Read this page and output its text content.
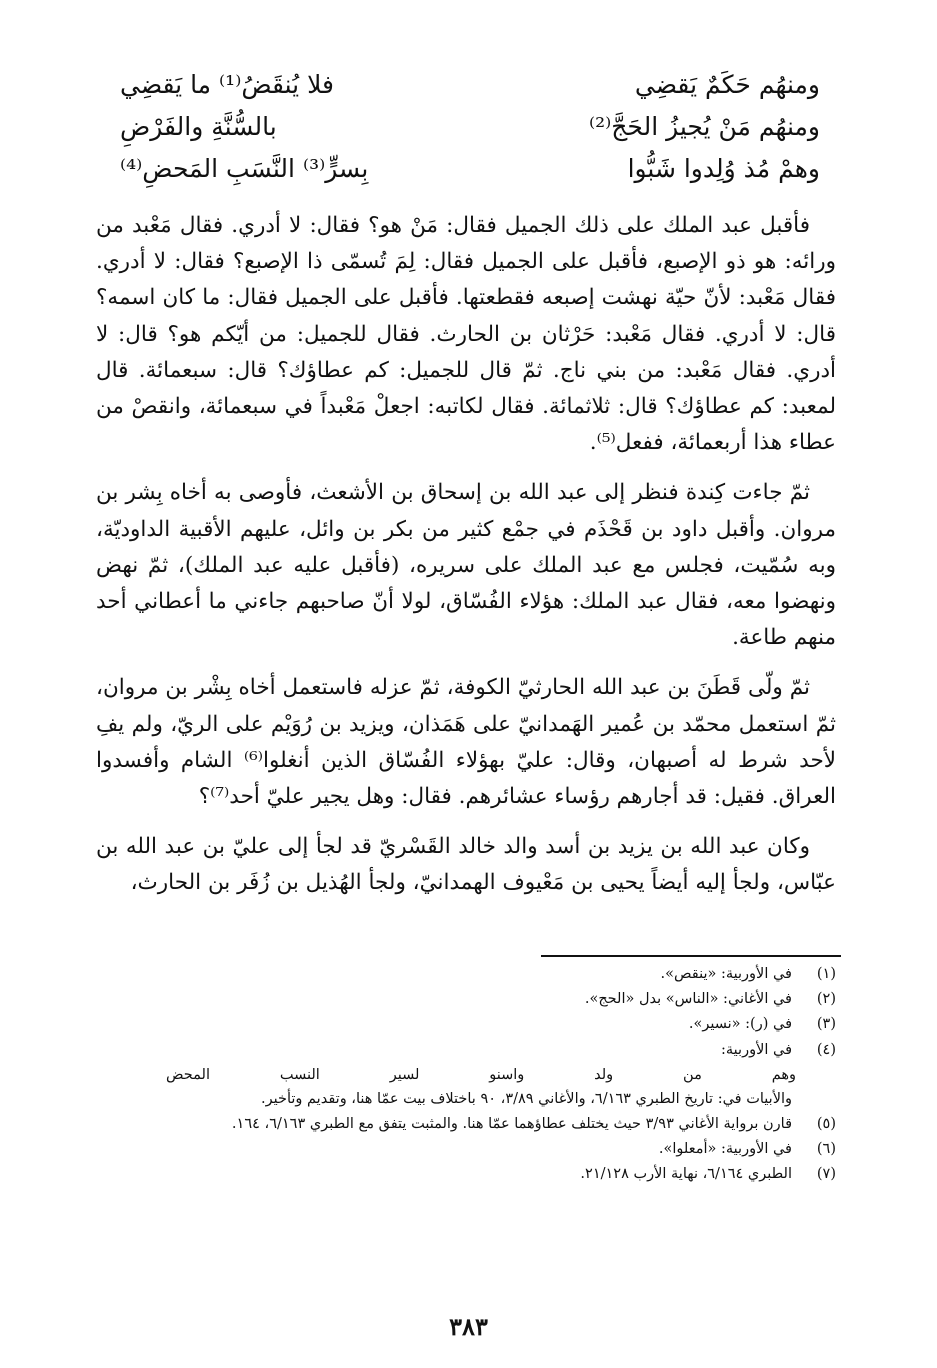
ومنهُم حَكَمٌ يَقضِي
فلا يُنقَضُ⁽¹⁾ ما يَقضِي
ومنهُم مَنْ يُجيزُ الحَجَّ⁽²⁾
بالسُّنَّةِ والفَرْضِ
وهمْ مُذ وُلِدوا شَبُّوا
بِسرٍّ⁽³⁾ النَّسَبِ المَحضِ⁽⁴⁾

فأقبل عبد الملك على ذلك الجميل فقال: مَنْ هو؟ فقال: لا أدري. فقال مَعْبد من ورائه: هو ذو الإصبع، فأقبل على الجميل فقال: لِمَ تُسمّى ذا الإصبع؟ فقال: لا أدري. فقال مَعْبد: لأنّ حيّة نهشت إصبعه فقطعتها. فأقبل على الجميل فقال: ما كان اسمه؟ قال: لا أدري. فقال مَعْبد: حَرْثان بن الحارث. فقال للجميل: من أيّكم هو؟ قال: لا أدري. فقال مَعْبد: من بني ناج. ثمّ قال للجميل: كم عطاؤك؟ قال: سبعمائة. قال لمعبد: كم عطاؤك؟ قال: ثلاثمائة. فقال لكاتبه: اجعلْ مَعْبداً في سبعمائة، وانقصْ من عطاء هذا أربعمائة، ففعل⁽⁵⁾.

ثمّ جاءت كِندة فنظر إلى عبد الله بن إسحاق بن الأشعث، فأوصى به أخاه بِشر بن مروان. وأقبل داود بن قَحْذَم في جمْع كثير من بكر بن وائل، عليهم الأقبية الداوديّة، وبه سُمّيت، فجلس مع عبد الملك على سريره، (فأقبل عليه عبد الملك)، ثمّ نهض ونهضوا معه، فقال عبد الملك: هؤلاء الفُسّاق، لولا أنّ صاحبهم جاءني ما أعطاني أحد منهم طاعة.

ثمّ ولّى قَطَنَ بن عبد الله الحارثيّ الكوفة، ثمّ عزله فاستعمل أخاه بِشْر بن مروان، ثمّ استعمل محمّد بن عُمير الهَمدانيّ على هَمَذان، ويزيد بن رُوَيْم على الريّ، ولم يفِ لأحد شرط له أصبهان، وقال: عليّ بهؤلاء الفُسّاق الذين أنغلوا⁽⁶⁾ الشام وأفسدوا العراق. فقيل: قد أجارهم رؤساء عشائرهم. فقال: وهل يجير عليّ أحد⁽⁷⁾؟

وكان عبد الله بن يزيد بن أسد والد خالد القَسْريّ قد لجأ إلى عليّ بن عبد الله بن عبّاس، ولجأ إليه أيضاً يحيى بن مَعْيوف الهمدانيّ، ولجأ الهُذيل بن زُفَر بن الحارث،

(١)
في الأوربية: «ينقص».
(٢)
في الأغاني: «الناس» بدل «الحج».
(٣)
في (ر): «نسير».
(٤)
في الأوربية:
وهم
من
ولد
واسنو
لسير
النسب
المحض
والأبيات في: تاريخ الطبري ٦/١٦٣، والأغاني ٣/٨٩، ٩٠ باختلاف بيت عمّا هنا، وتقديم وتأخير.
(٥)
قارن برواية الأغاني ٣/٩٣ حيث يختلف عطاؤهما عمّا هنا. والمثبت يتفق مع الطبري ٦/١٦٣، ١٦٤.
(٦)
في الأوربية: «أمعلوا».
(٧)
الطبري ٦/١٦٤، نهاية الأرب ٢١/١٢٨.
٣٨٣
